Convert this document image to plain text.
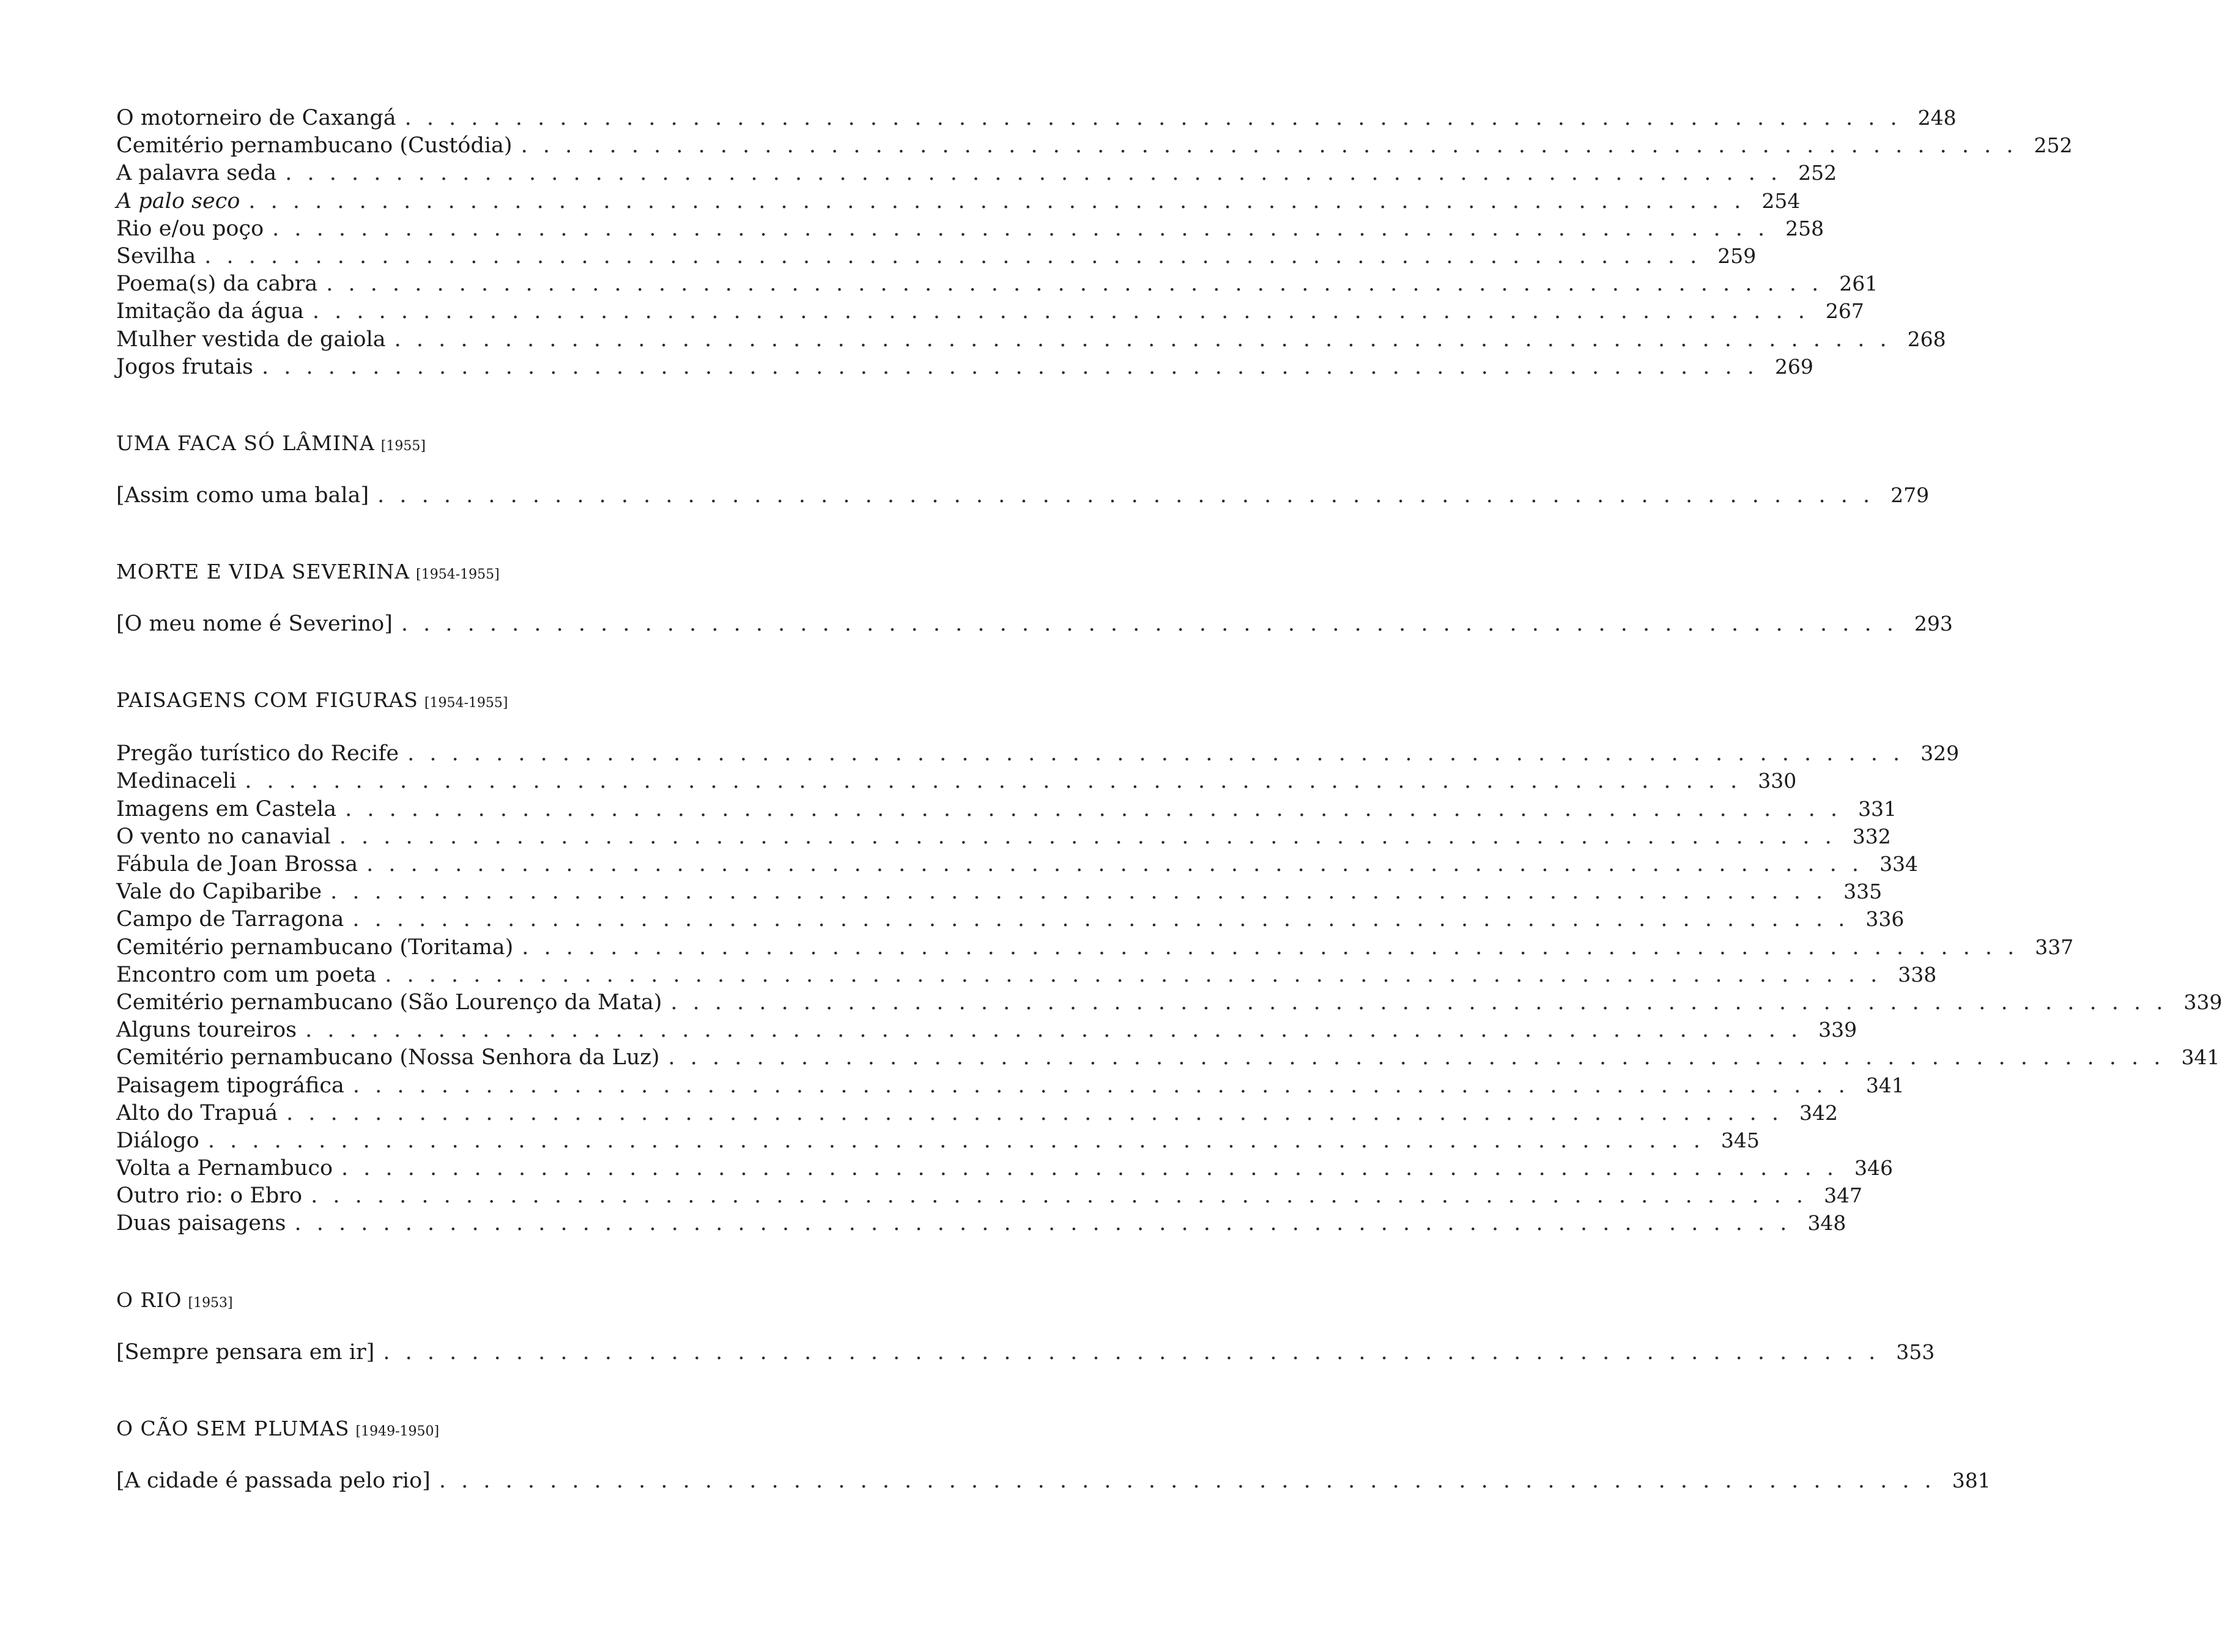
O motorneiro de Caxangá . . . . . . . . . . . . . . . . . . . . . . . . . . . . . . . . . . . . . . . . . . . . . . . . . . . . . . . . . . . . . . . . . . . . 248
Cemitério pernambucano (Custódia) . . . . . . . . . . . . . . . . . . . . . . . . . . . . . . . . . . . . . . . . . . . . . . . . . . . . . . . . . . . . . . . . . . . . 252
A palavra seda . . . . . . . . . . . . . . . . . . . . . . . . . . . . . . . . . . . . . . . . . . . . . . . . . . . . . . . . . . . . . . . . . . . . 252
A palo seco . . . . . . . . . . . . . . . . . . . . . . . . . . . . . . . . . . . . . . . . . . . . . . . . . . . . . . . . . . . . . . . . . . . . 254
Rio e/ou poço . . . . . . . . . . . . . . . . . . . . . . . . . . . . . . . . . . . . . . . . . . . . . . . . . . . . . . . . . . . . . . . . . . . . 258
Sevilha . . . . . . . . . . . . . . . . . . . . . . . . . . . . . . . . . . . . . . . . . . . . . . . . . . . . . . . . . . . . . . . . . . . . 259
Poema(s) da cabra . . . . . . . . . . . . . . . . . . . . . . . . . . . . . . . . . . . . . . . . . . . . . . . . . . . . . . . . . . . . . . . . . . . . 261
Imitação da água . . . . . . . . . . . . . . . . . . . . . . . . . . . . . . . . . . . . . . . . . . . . . . . . . . . . . . . . . . . . . . . . . . . . 267
Mulher vestida de gaiola . . . . . . . . . . . . . . . . . . . . . . . . . . . . . . . . . . . . . . . . . . . . . . . . . . . . . . . . . . . . . . . . . . . . 268
Jogos frutais . . . . . . . . . . . . . . . . . . . . . . . . . . . . . . . . . . . . . . . . . . . . . . . . . . . . . . . . . . . . . . . . . . . . 269
UMA FACA SÓ LÂMINA [1955]
[Assim como uma bala] . . . . . . . . . . . . . . . . . . . . . . . . . . . . . . . . . . . . . . . . . . . . . . . . . . . . . . . . . . . . . . . . . . . . 279
MORTE E VIDA SEVERINA [1954-1955]
[O meu nome é Severino] . . . . . . . . . . . . . . . . . . . . . . . . . . . . . . . . . . . . . . . . . . . . . . . . . . . . . . . . . . . . . . . . . . . . 293
PAISAGENS COM FIGURAS [1954-1955]
Pregão turístico do Recife . . . . . . . . . . . . . . . . . . . . . . . . . . . . . . . . . . . . . . . . . . . . . . . . . . . . . . . . . . . . . . . . . . . . 329
Medinaceli . . . . . . . . . . . . . . . . . . . . . . . . . . . . . . . . . . . . . . . . . . . . . . . . . . . . . . . . . . . . . . . . . . . . 330
Imagens em Castela . . . . . . . . . . . . . . . . . . . . . . . . . . . . . . . . . . . . . . . . . . . . . . . . . . . . . . . . . . . . . . . . . . . . 331
O vento no canavial . . . . . . . . . . . . . . . . . . . . . . . . . . . . . . . . . . . . . . . . . . . . . . . . . . . . . . . . . . . . . . . . . . . . 332
Fábula de Joan Brossa . . . . . . . . . . . . . . . . . . . . . . . . . . . . . . . . . . . . . . . . . . . . . . . . . . . . . . . . . . . . . . . . . . . . 334
Vale do Capibaribe . . . . . . . . . . . . . . . . . . . . . . . . . . . . . . . . . . . . . . . . . . . . . . . . . . . . . . . . . . . . . . . . . . . . 335
Campo de Tarragona . . . . . . . . . . . . . . . . . . . . . . . . . . . . . . . . . . . . . . . . . . . . . . . . . . . . . . . . . . . . . . . . . . . . 336
Cemitério pernambucano (Toritama) . . . . . . . . . . . . . . . . . . . . . . . . . . . . . . . . . . . . . . . . . . . . . . . . . . . . . . . . . . . . . . . . . . . . 337
Encontro com um poeta . . . . . . . . . . . . . . . . . . . . . . . . . . . . . . . . . . . . . . . . . . . . . . . . . . . . . . . . . . . . . . . . . . . . 338
Cemitério pernambucano (São Lourenço da Mata) . . . . . . . . . . . . . . . . . . . . . . . . . . . . . . . . . . . . . . . . . . . . . . . . . . . . . . . . . . . . . . . . . . . . 339
Alguns toureiros . . . . . . . . . . . . . . . . . . . . . . . . . . . . . . . . . . . . . . . . . . . . . . . . . . . . . . . . . . . . . . . . . . . . 339
Cemitério pernambucano (Nossa Senhora da Luz) . . . . . . . . . . . . . . . . . . . . . . . . . . . . . . . . . . . . . . . . . . . . . . . . . . . . . . . . . . . . . . . . . . . . 341
Paisagem tipográfica . . . . . . . . . . . . . . . . . . . . . . . . . . . . . . . . . . . . . . . . . . . . . . . . . . . . . . . . . . . . . . . . . . . . 341
Alto do Trapuá . . . . . . . . . . . . . . . . . . . . . . . . . . . . . . . . . . . . . . . . . . . . . . . . . . . . . . . . . . . . . . . . . . . . 342
Diálogo . . . . . . . . . . . . . . . . . . . . . . . . . . . . . . . . . . . . . . . . . . . . . . . . . . . . . . . . . . . . . . . . . . . . 345
Volta a Pernambuco . . . . . . . . . . . . . . . . . . . . . . . . . . . . . . . . . . . . . . . . . . . . . . . . . . . . . . . . . . . . . . . . . . . . 346
Outro rio: o Ebro . . . . . . . . . . . . . . . . . . . . . . . . . . . . . . . . . . . . . . . . . . . . . . . . . . . . . . . . . . . . . . . . . . . . 347
Duas paisagens . . . . . . . . . . . . . . . . . . . . . . . . . . . . . . . . . . . . . . . . . . . . . . . . . . . . . . . . . . . . . . . . . . . . 348
O RIO [1953]
[Sempre pensara em ir] . . . . . . . . . . . . . . . . . . . . . . . . . . . . . . . . . . . . . . . . . . . . . . . . . . . . . . . . . . . . . . . . . . . . 353
O CÃO SEM PLUMAS [1949-1950]
[A cidade é passada pelo rio] . . . . . . . . . . . . . . . . . . . . . . . . . . . . . . . . . . . . . . . . . . . . . . . . . . . . . . . . . . . . . . . . . . . . 381
